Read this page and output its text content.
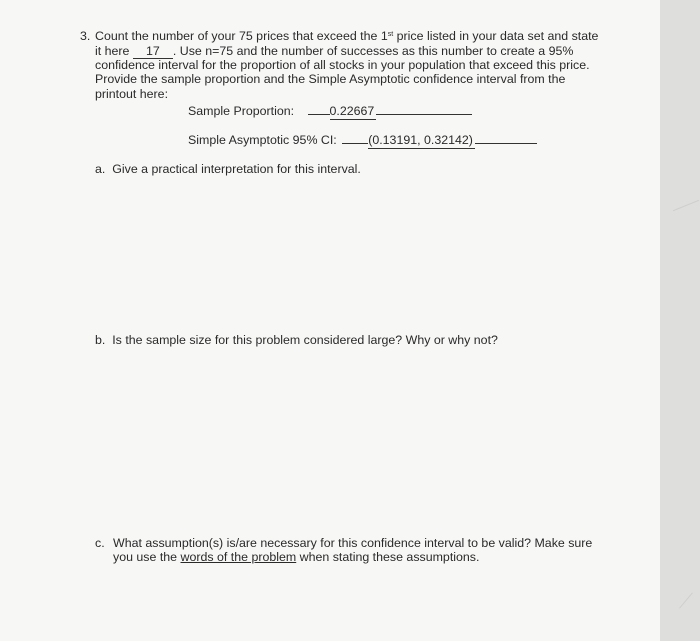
3. Count the number of your 75 prices that exceed the 1st price listed in your data set and state
it here 17 . Use n=75 and the number of successes as this number to create a 95%
confidence interval for the proportion of all stocks in your population that exceed this price.
Provide the sample proportion and the Simple Asymptotic confidence interval from the
printout here:
Sample Proportion:	0.22667
Simple Asymptotic 95% CI:	(0.13191, 0.32142)
a. Give a practical interpretation for this interval.
b. Is the sample size for this problem considered large? Why or why not?
c. What assumption(s) is/are necessary for this confidence interval to be valid? Make sure
you use the words of the problem when stating these assumptions.
